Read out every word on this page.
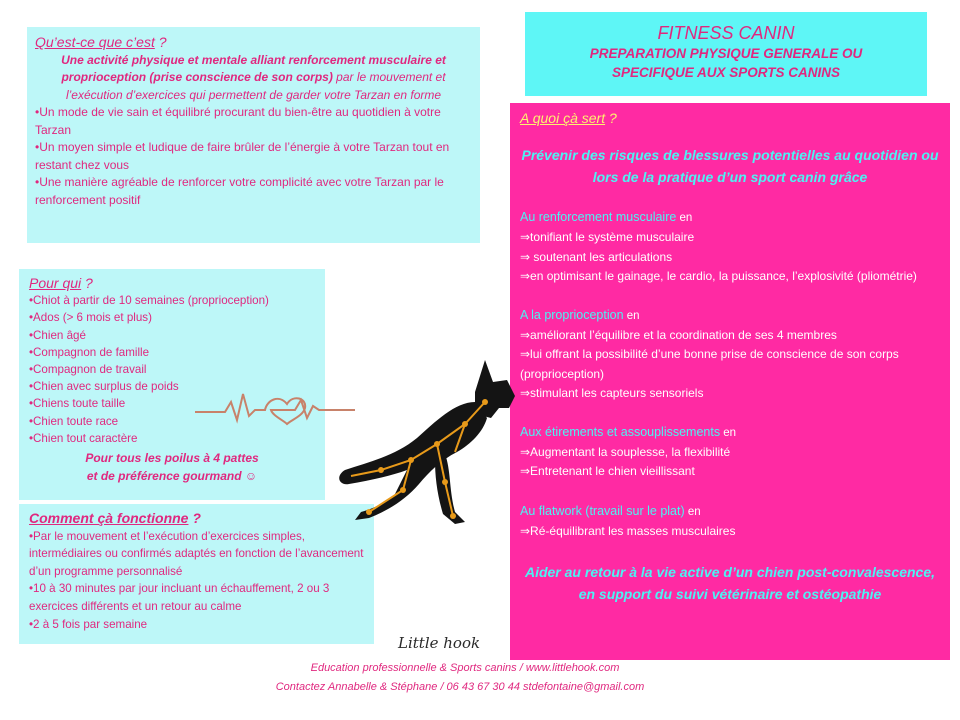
FITNESS CANIN
PREPARATION PHYSIQUE GENERALE OU
SPECIFIQUE AUX SPORTS CANINS
Qu’est-ce que c’est ?
Une activité physique et mentale alliant renforcement musculaire et proprioception (prise conscience de son corps) par le mouvement et l’exécution d’exercices qui permettent de garder votre Tarzan en forme
•Un mode de vie sain et équilibré procurant du bien-être au quotidien à votre Tarzan
•Un moyen simple et ludique de faire brûler de l’énergie à votre Tarzan tout en restant chez vous
•Une manière agréable de renforcer votre complicité avec votre Tarzan par le renforcement positif
Pour qui ?
•Chiot à partir de 10 semaines (proprioception)
•Ados (> 6 mois et plus)
•Chien âgé
•Compagnon de famille
•Compagnon de travail
•Chien avec surplus de poids
•Chiens toute taille
•Chien toute race
•Chien tout caractère
Pour tous les poilus à 4 pattes
et de préférence gourmand ☺
Comment çà fonctionne ?
•Par le mouvement et l’exécution d’exercices simples, intermédiaires ou confirmés adaptés en fonction de l’avancement d’un programme personnalisé
•10 à 30 minutes par jour incluant un échauffement, 2 ou 3 exercices différents et un retour au calme
•2 à 5 fois par semaine
A quoi çà sert ?
Prévenir des risques de blessures potentielles au quotidien ou lors de la pratique d’un sport canin grâce
Au renforcement musculaire en
⇒tonifiant le système musculaire
⇒ soutenant les articulations
⇒en optimisant le gainage, le cardio, la puissance, l’explosivité (pliométrie)
A la proprioception en
⇒améliorant l’équilibre et la coordination de ses 4 membres
⇒lui offrant la possibilité d’une bonne prise de conscience de son corps (proprioception)
⇒stimulant les capteurs sensoriels
Aux étirements et assouplissements en
⇒Augmentant la souplesse, la flexibilité
⇒Entretenant le chien vieillissant
Au flatwork (travail sur le plat) en
⇒Ré-équilibrant les masses musculaires
Aider au retour à la vie active d’un chien post-convalescence, en support du suivi vétérinaire et ostéopathie
Little hook
Education professionnelle & Sports canins / www.littlehook.com
Contactez Annabelle & Stéphane / 06 43 67 30 44 stdefontaine@gmail.com
